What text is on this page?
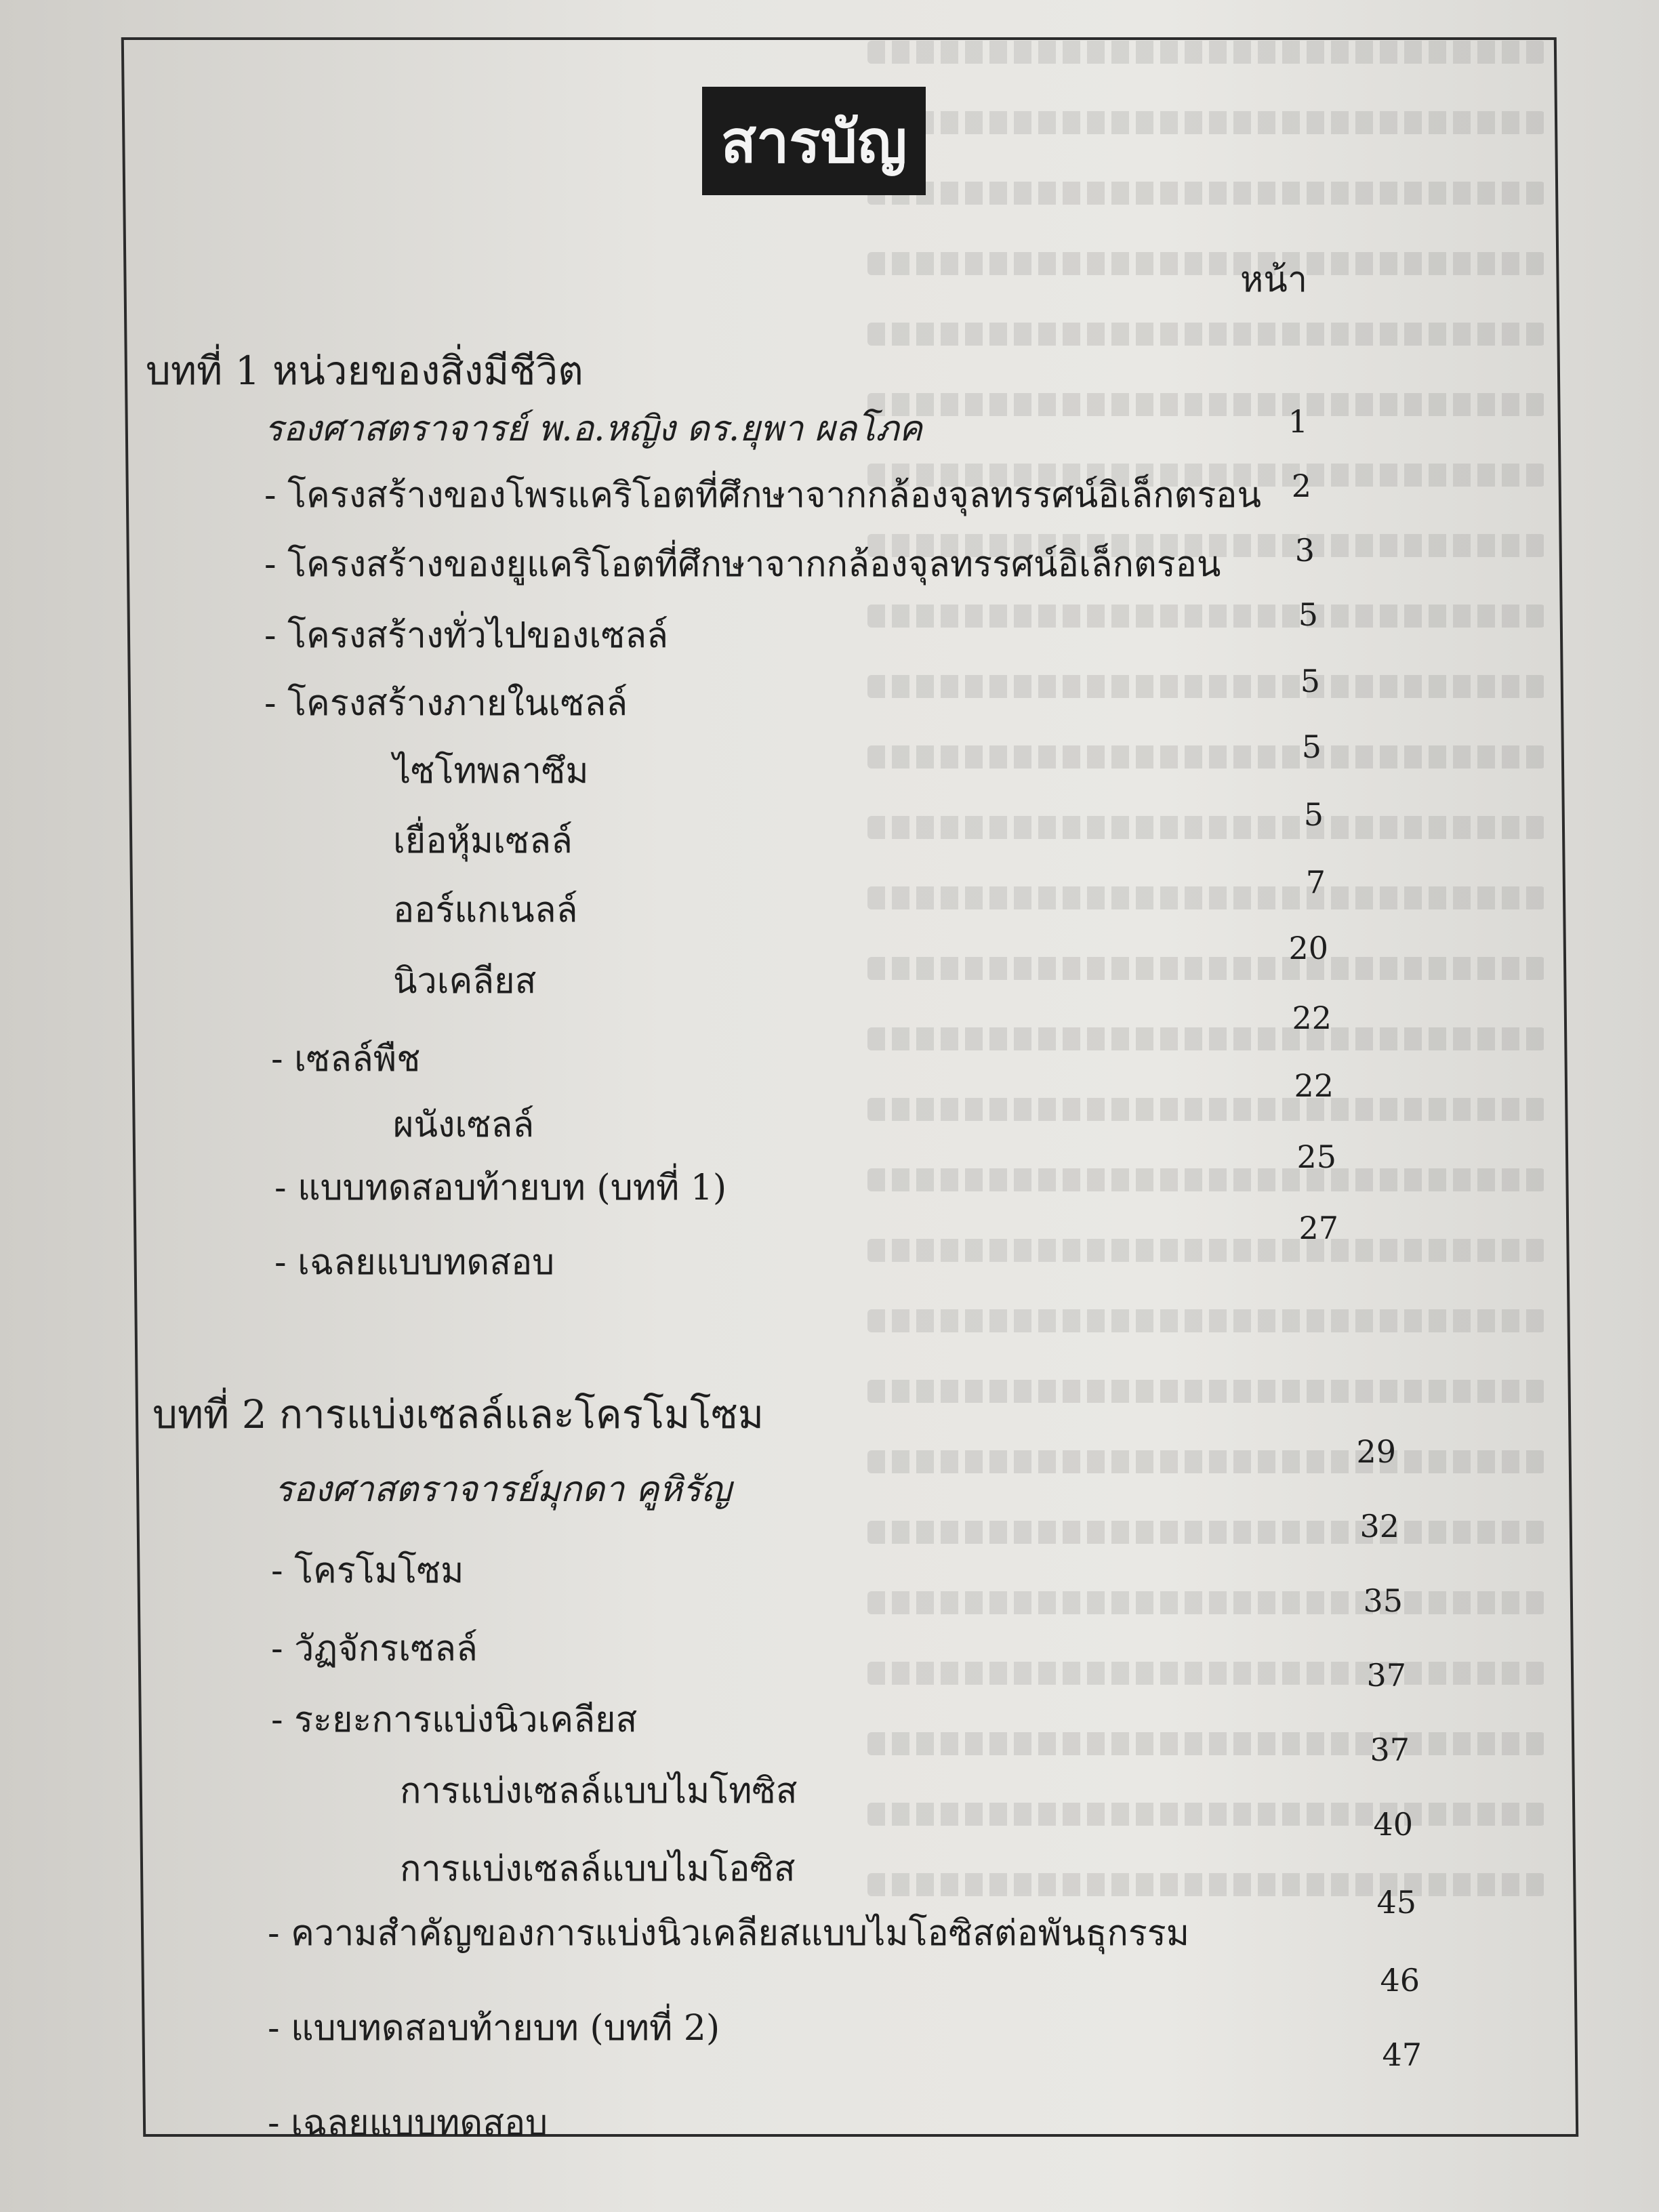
สารบัญ
หน้า
บทที่ 1 หน่วยของสิ่งมีชีวิต
รองศาสตราจารย์ พ.อ.หญิง ดร.ยุพา ผลโภค	1
- โครงสร้างของโพรแคริโอตที่ศึกษาจากกล้องจุลทรรศน์อิเล็กตรอน 2
- โครงสร้างของยูแคริโอตที่ศึกษาจากกล้องจุลทรรศน์อิเล็กตรอน	3
- โครงสร้างทั่วไปของเซลล์
5
- โครงสร้างภายในเซลล์
5
ไซโทพลาซึม
5
เยื่อหุ้มเซลล์
5
ออร์แกเนลล์
7
นิวเคลียส
20
- เซลล์พืช
22
ผนังเซลล์
22
- แบบทดสอบท้ายบท (บทที่ 1)
25
- เฉลยแบบทดสอบ
27
บทที่ 2 การแบ่งเซลล์และโครโมโซม
รองศาสตราจารย์มุกดา คูหิรัญ
29
- โครโมโซม
32
- วัฏจักรเซลล์
35
- ระยะการแบ่งนิวเคลียส
37
การแบ่งเซลล์แบบไมโทซิส
37
การแบ่งเซลล์แบบไมโอซิส
40
- ความสำคัญของการแบ่งนิวเคลียสแบบไมโอซิสต่อพันธุกรรม
45
- แบบทดสอบท้ายบท (บทที่ 2)
46
- เฉลยแบบทดสอบ
47
